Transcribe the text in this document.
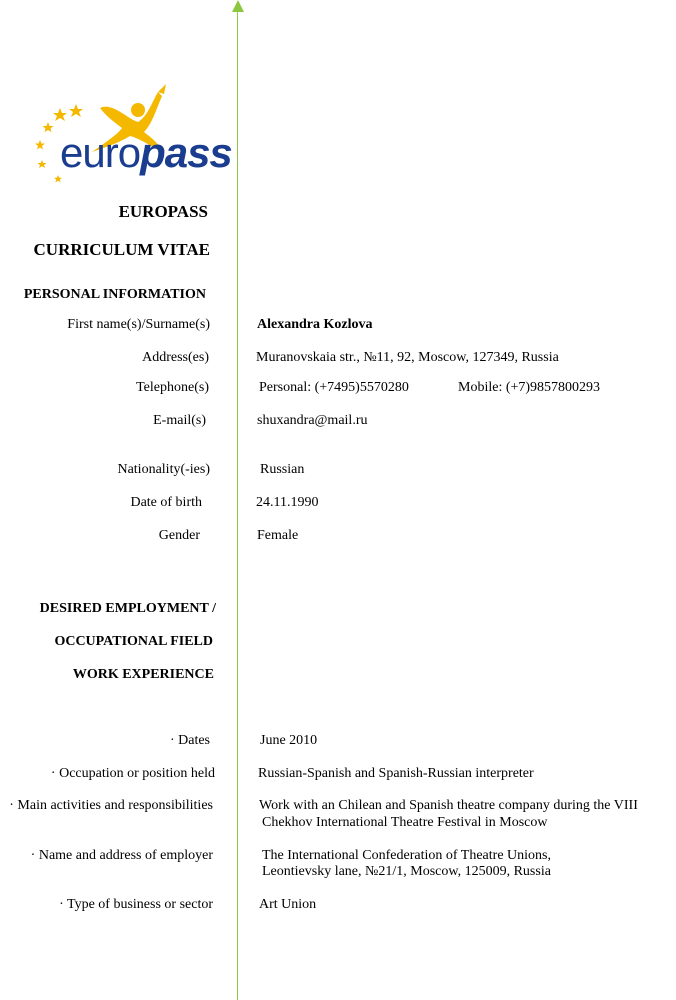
europass
EUROPASS
CURRICULUM VITAE
PERSONAL INFORMATION
First name(s)/Surname(s)	Alexandra Kozlova
Address(es)	Muranovskaia str., №11, 92, Moscow, 127349, Russia
Telephone(s)	Personal: (+7495)5570280	Mobile: (+7)9857800293
E-mail(s)	shuxandra@mail.ru
Nationality(-ies)	Russian
Date of birth	24.11.1990
Gender	Female
DESIRED EMPLOYMENT /
OCCUPATIONAL FIELD
WORK EXPERIENCE
· Dates	June 2010
· Occupation or position held	Russian-Spanish and Spanish-Russian interpreter
· Main activities and responsibilities	Work with an Chilean and Spanish theatre company during the VIII
Chekhov International Theatre Festival in Moscow
· Name and address of employer	The International Confederation of Theatre Unions,
Leontievsky lane, №21/1, Moscow, 125009, Russia
· Type of business or sector	Art Union
